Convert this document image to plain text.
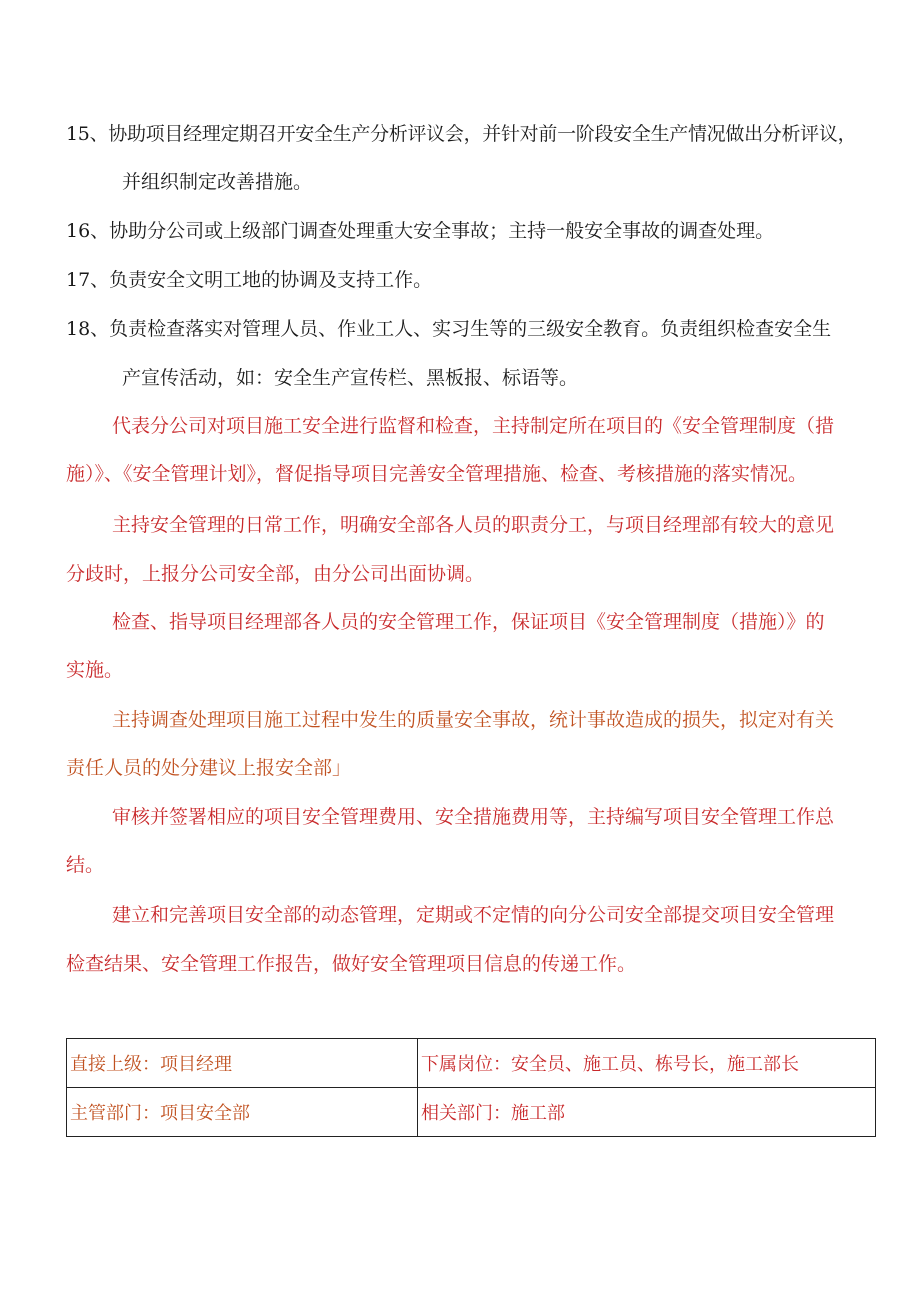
15、协助项目经理定期召开安全生产分析评议会，并针对前一阶段安全生产情况做出分析评议，
并组织制定改善措施。
16、协助分公司或上级部门调查处理重大安全事故；主持一般安全事故的调查处理。
17、负责安全文明工地的协调及支持工作。
18、负责检查落实对管理人员、作业工人、实习生等的三级安全教育。负责组织检查安全生
产宣传活动，如：安全生产宣传栏、黑板报、标语等。
代表分公司对项目施工安全进行监督和检查，主持制定所在项目的《安全管理制度（措
施）》、《安全管理计划》，督促指导项目完善安全管理措施、检查、考核措施的落实情况。
主持安全管理的日常工作，明确安全部各人员的职责分工，与项目经理部有较大的意见
分歧时，上报分公司安全部，由分公司出面协调。
检查、指导项目经理部各人员的安全管理工作，保证项目《安全管理制度（措施）》的
实施。
主持调查处理项目施工过程中发生的质量安全事故，统计事故造成的损失，拟定对有关
责任人员的处分建议上报安全部」
审核并签署相应的项目安全管理费用、安全措施费用等，主持编写项目安全管理工作总
结。
建立和完善项目安全部的动态管理，定期或不定情的向分公司安全部提交项目安全管理
检查结果、安全管理工作报告，做好安全管理项目信息的传递工作。
直接上级：项目经理	下属岗位：安全员、施工员、栋号长，施工部长
主管部门：项目安全部	相关部门：施工部
